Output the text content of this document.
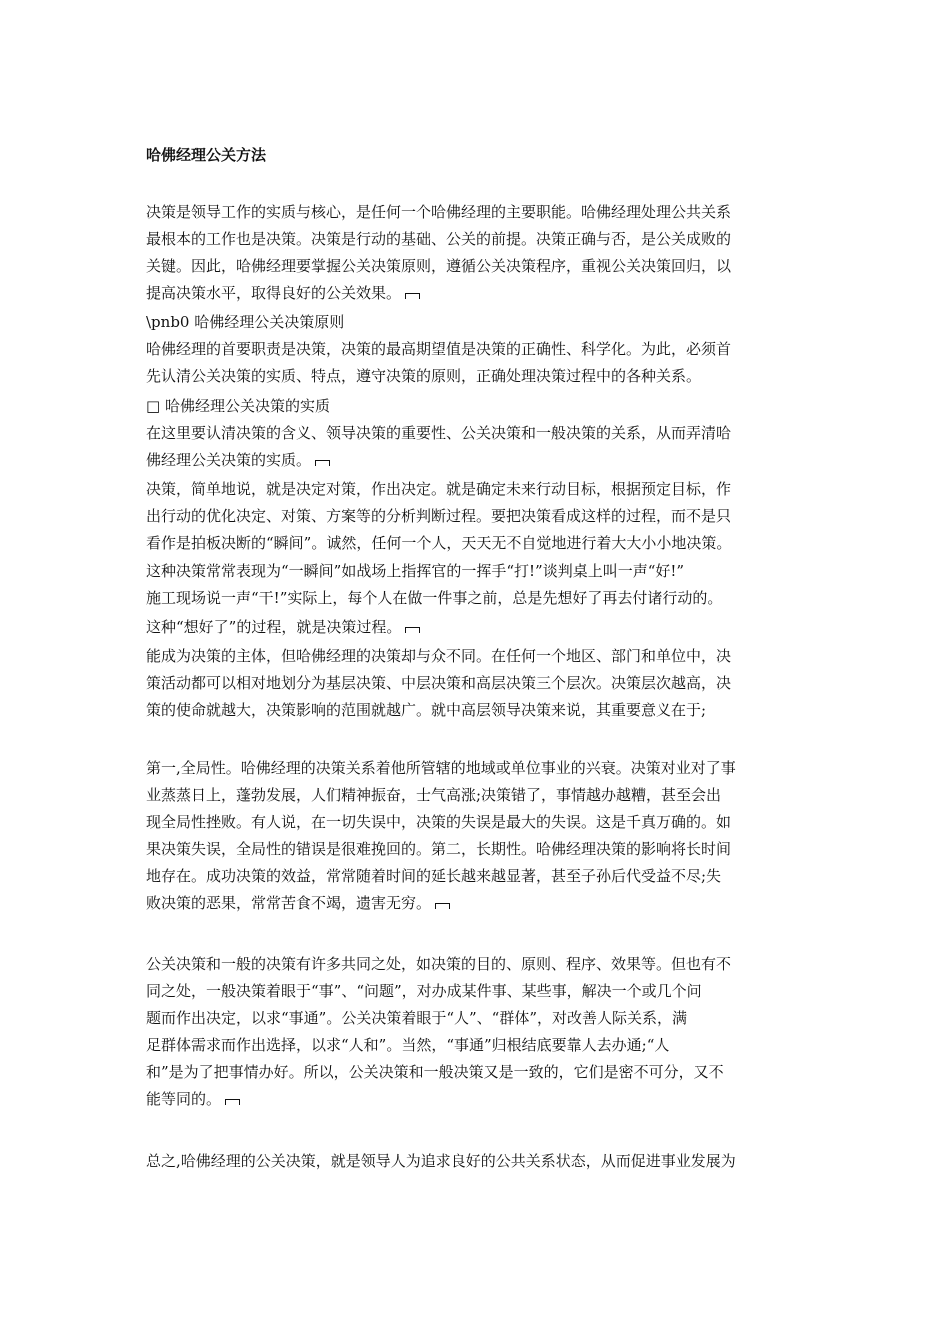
哈佛经理公关方法
决策是领导工作的实质与核心，是任何一个哈佛经理的主要职能。哈佛经理处理公共关系
最根本的工作也是决策。决策是行动的基础、公关的前提。决策正确与否，是公关成败的
关键。因此，哈佛经理要掌握公关决策原则，遵循公关决策程序，重视公关决策回归，以
提高决策水平，取得良好的公关效果。
\pnb0 哈佛经理公关决策原则
哈佛经理的首要职责是决策，决策的最高期望值是决策的正确性、科学化。为此，必须首
先认清公关决策的实质、特点，遵守决策的原则，正确处理决策过程中的各种关系。
□ 哈佛经理公关决策的实质
在这里要认清决策的含义、领导决策的重要性、公关决策和一般决策的关系，从而弄清哈
佛经理公关决策的实质。
决策，简单地说，就是决定对策，作出决定。就是确定未来行动目标，根据预定目标，作
出行动的优化决定、对策、方案等的分析判断过程。要把决策看成这样的过程，而不是只
看作是拍板决断的“瞬间”。诚然，任何一个人，天天无不自觉地进行着大大小小地决策。
这种决策常常表现为“一瞬间”如战场上指挥官的一挥手“打!”谈判桌上叫一声“好!”
施工现场说一声“干!”实际上，每个人在做一件事之前，总是先想好了再去付诸行动的。
这种“想好了”的过程，就是决策过程。
能成为决策的主体，但哈佛经理的决策却与众不同。在任何一个地区、部门和单位中，决
策活动都可以相对地划分为基层决策、中层决策和高层决策三个层次。决策层次越高，决
策的使命就越大，决策影响的范围就越广。就中高层领导决策来说，其重要意义在于;
第一,全局性。哈佛经理的决策关系着他所管辖的地域或单位事业的兴衰。决策对业对了事
业蒸蒸日上，蓬勃发展，人们精神振奋，士气高涨;决策错了，事情越办越糟，甚至会出
现全局性挫败。有人说，在一切失误中，决策的失误是最大的失误。这是千真万确的。如
果决策失误，全局性的错误是很难挽回的。第二，长期性。哈佛经理决策的影响将长时间
地存在。成功决策的效益，常常随着时间的延长越来越显著，甚至子孙后代受益不尽;失
败决策的恶果，常常苦食不竭，遗害无穷。
公关决策和一般的决策有许多共同之处，如决策的目的、原则、程序、效果等。但也有不
同之处，一般决策着眼于“事”、“问题”，对办成某件事、某些事，解决一个或几个问
题而作出决定，以求“事通”。公关决策着眼于“人”、“群体”，对改善人际关系，满
足群体需求而作出选择，以求“人和”。当然，“事通”归根结底要靠人去办通;“人
和”是为了把事情办好。所以，公关决策和一般决策又是一致的，它们是密不可分，又不
能等同的。
总之,哈佛经理的公关决策，就是领导人为追求良好的公共关系状态，从而促进事业发展为
